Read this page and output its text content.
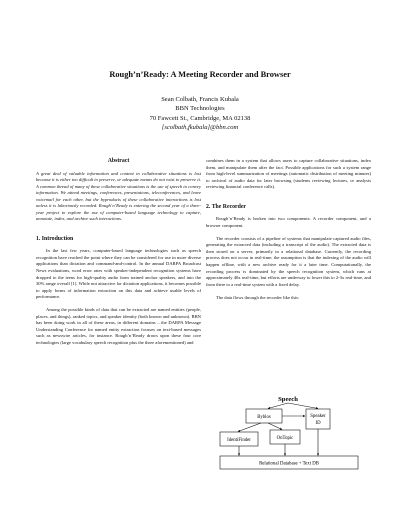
Rough’n’Ready: A Meeting Recorder and Browser
Sean Colbath, Francis Kubala
BBN Technologies
70 Fawcett St., Cambridge, MA 02138
[scolbath,fkubala]@bbn.com
Abstract

A great deal of valuable information and content in collaborative situations is lost because it is either too difficult to preserve, or adequate means do not exist to preserve it. A common thread of many of these collaborative situations is the use of speech to convey information. We attend meetings, conferences, presentations, teleconferences, and leave voicemail for each other, but the byproducts of these collaborative interactions is lost unless it is laboriously recorded. Rough’n’Ready is entering the second year of a three-year project to explore the use of computer-based language technology to capture, annotate, index, and archive such interactions.

1. Introduction

In the last few years, computer-based language technologies such as speech recognition have reached the point where they can be considered for use in more diverse applications than dictation and command-and-control. In the annual DARPA Broadcast News evaluations, word error rates with speaker-independent recognition systems have dropped to the teens for high-quality audio from trained anchor speakers, and into the 30% range overall [1]. While not attractive for dictation applications, it becomes possible to apply forms of information extraction on this data and achieve usable levels of performance.

Among the possible kinds of data that can be extracted are named entities (people, places, and things), ranked topics, and speaker identity (both known and unknown). BBN has been doing work in all of these areas, in different domains – the DARPA Message Understanding Conference for named entity extraction focuses on text-based messages such as newswire articles, for instance. Rough’n’Ready draws upon these four core technologies (large vocabulary speech recognition plus the three aforementioned) and

combines them in a system that allows users to capture collaborative situations, index them, and manipulate them after the fact. Possible applications for such a system range from high-level summarization of meetings (automatic distribution of meeting minutes) to archival of audio data for later browsing (students reviewing lectures, or analysts reviewing financial conference calls).

2. The Recorder

Rough’n’Ready is broken into two components: A recorder component, and a browser component.

The recorder consists of a pipeline of systems that manipulate captured audio files, generating the extracted data (including a transcript of the audio). The extracted data is then stored on a server, primarily in a relational database. Currently, the recording process does not occur in real-time; the assumption is that the indexing of the audio will happen offline, with a new archive ready for it a later time. Computationally, the recording process is dominated by the speech recognition system, which runs at approximately 40x real-time, but efforts are underway to lower this to 2-3x real-time, and from there to a real-time system with a fixed delay.

The data flows through the recorder like this:

Speech
Byblos	Speaker
ID
IdentiFinder	OnTopic
Relational Database + Text DB
